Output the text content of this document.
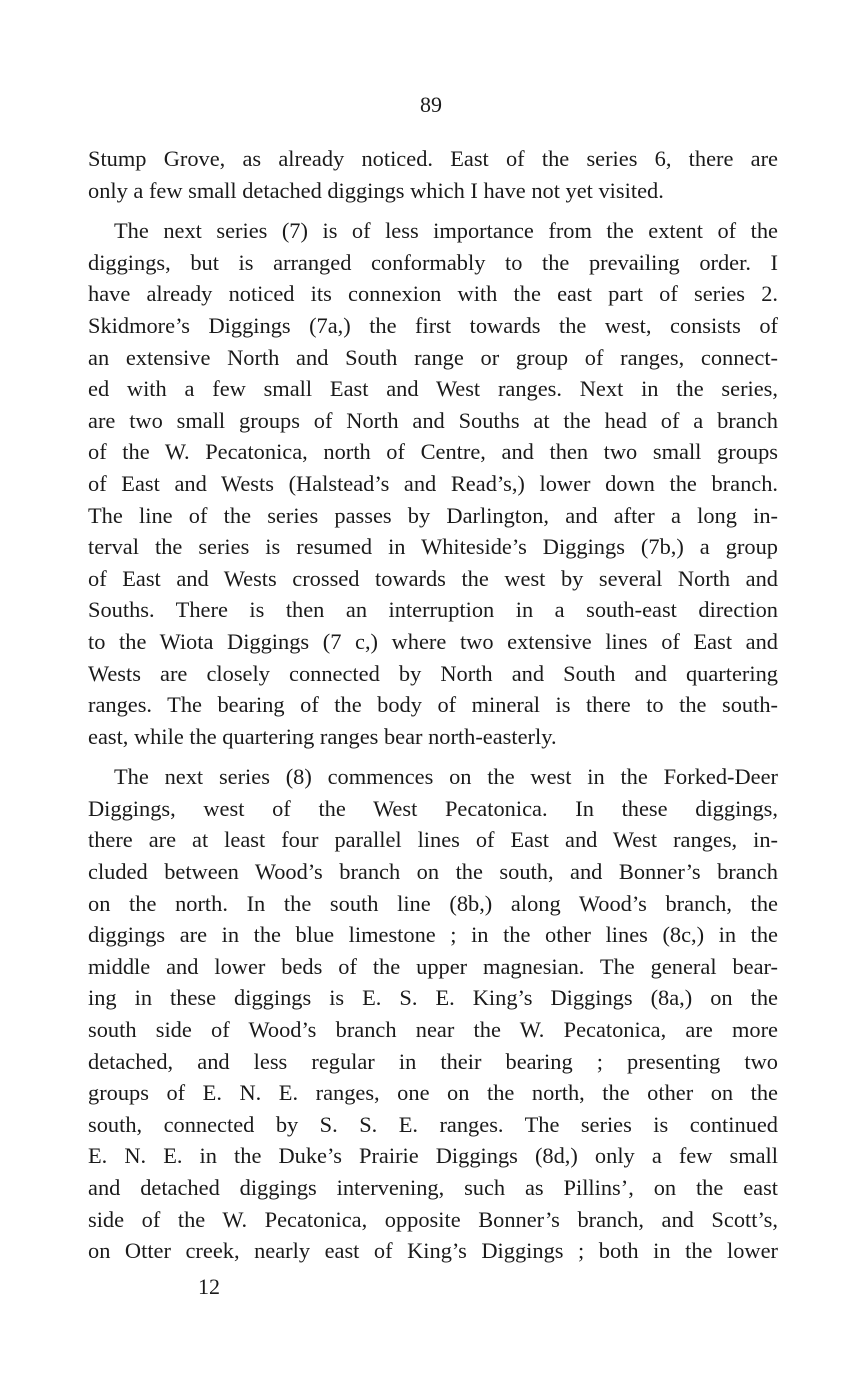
89
Stump Grove, as already noticed. East of the series 6, there are
only a few small detached diggings which I have not yet visited.
The next series (7) is of less importance from the extent of the
diggings, but is arranged conformably to the prevailing order. I
have already noticed its connexion with the east part of series 2.
Skidmore’s Diggings (7a,) the first towards the west, consists of
an extensive North and South range or group of ranges, connect-
ed with a few small East and West ranges. Next in the series,
are two small groups of North and Souths at the head of a branch
of the W. Pecatonica, north of Centre, and then two small groups
of East and Wests (Halstead’s and Read’s,) lower down the branch.
The line of the series passes by Darlington, and after a long in-
terval the series is resumed in Whiteside’s Diggings (7b,) a group
of East and Wests crossed towards the west by several North and
Souths. There is then an interruption in a south-east direction
to the Wiota Diggings (7 c,) where two extensive lines of East and
Wests are closely connected by North and South and quartering
ranges. The bearing of the body of mineral is there to the south-
east, while the quartering ranges bear north-easterly.
The next series (8) commences on the west in the Forked-Deer
Diggings, west of the West Pecatonica. In these diggings,
there are at least four parallel lines of East and West ranges, in-
cluded between Wood’s branch on the south, and Bonner’s branch
on the north. In the south line (8b,) along Wood’s branch, the
diggings are in the blue limestone ; in the other lines (8c,) in the
middle and lower beds of the upper magnesian. The general bear-
ing in these diggings is E. S. E. King’s Diggings (8a,) on the
south side of Wood’s branch near the W. Pecatonica, are more
detached, and less regular in their bearing ; presenting two
groups of E. N. E. ranges, one on the north, the other on the
south, connected by S. S. E. ranges. The series is continued
E. N. E. in the Duke’s Prairie Diggings (8d,) only a few small
and detached diggings intervening, such as Pillins’, on the east
side of the W. Pecatonica, opposite Bonner’s branch, and Scott’s,
on Otter creek, nearly east of King’s Diggings ; both in the lower
12
